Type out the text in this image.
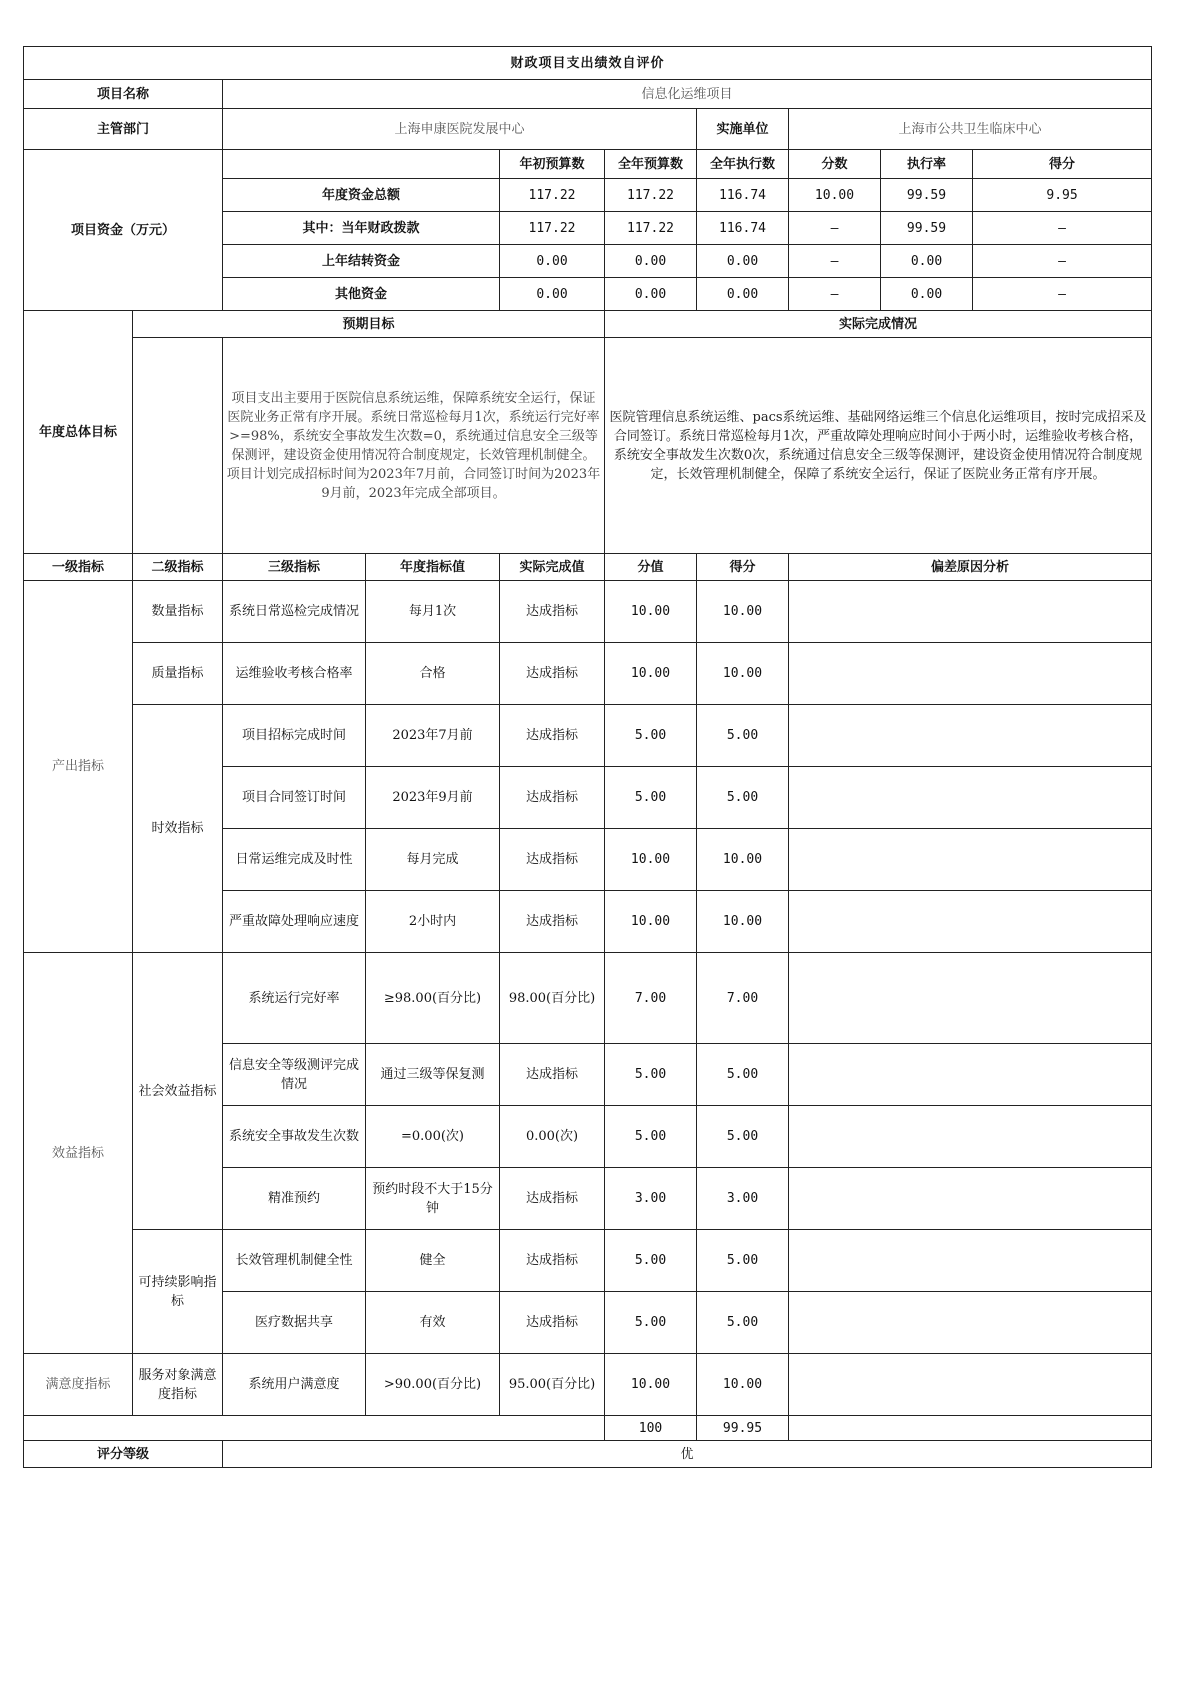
财政项目支出绩效自评价									
项目名称		信息化运维项目							
主管部门		上海申康医院发展中心				实施单位	上海市公共卫生临床中心		
项目资金（万元）				年初预算数	全年预算数	全年执行数	分数	执行率	得分
		年度资金总额		117.22	117.22	116.74	10.00	99.59	9.95
		其中：当年财政拨款		117.22	117.22	116.74	–	99.59	–
		上年结转资金		0.00	0.00	0.00	–	0.00	–
		其他资金		0.00	0.00	0.00	–	0.00	–
年度总体目标	预期目标				实际完成情况				
		项目支出主要用于医院信息系统运维，保障系统安全运行，保证医院业务正常有序开展。系统日常巡检每月1次，系统运行完好率>=98%，系统安全事故发生次数=0，系统通过信息安全三级等保测评，建设资金使用情况符合制度规定，长效管理机制健全。项目计划完成招标时间为2023年7月前，合同签订时间为2023年9月前，2023年完成全部项目。			医院管理信息系统运维、pacs系统运维、基础网络运维三个信息化运维项目，按时完成招采及合同签订。系统日常巡检每月1次，严重故障处理响应时间小于两小时，运维验收考核合格，系统安全事故发生次数0次，系统通过信息安全三级等保测评，建设资金使用情况符合制度规定，长效管理机制健全，保障了系统安全运行，保证了医院业务正常有序开展。				
一级指标	二级指标	三级指标	年度指标值	实际完成值	分值	得分	偏差原因分析		
产出指标	数量指标	系统日常巡检完成情况	每月1次	达成指标	10.00	10.00			
	质量指标	运维验收考核合格率	合格	达成指标	10.00	10.00			
	时效指标	项目招标完成时间	2023年7月前	达成指标	5.00	5.00			
		项目合同签订时间	2023年9月前	达成指标	5.00	5.00			
		日常运维完成及时性	每月完成	达成指标	10.00	10.00			
		严重故障处理响应速度	2小时内	达成指标	10.00	10.00			
效益指标	社会效益指标	系统运行完好率	≥98.00(百分比)	98.00(百分比)	7.00	7.00			
		信息安全等级测评完成情况	通过三级等保复测	达成指标	5.00	5.00			
		系统安全事故发生次数	=0.00(次)	0.00(次)	5.00	5.00			
		精准预约	预约时段不大于15分钟	达成指标	3.00	3.00			
	可持续影响指标	长效管理机制健全性	健全	达成指标	5.00	5.00			
		医疗数据共享	有效	达成指标	5.00	5.00			
满意度指标	服务对象满意度指标	系统用户满意度	>90.00(百分比)	95.00(百分比)	10.00	10.00			
					100	99.95			
评分等级		优							
